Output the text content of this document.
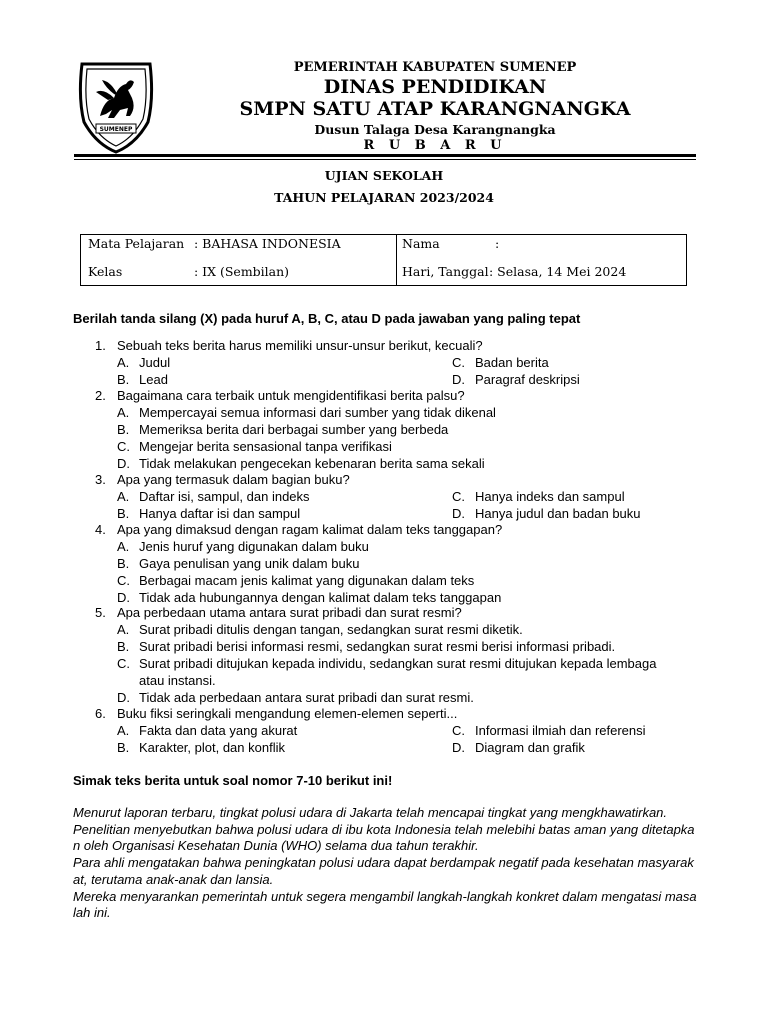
SUMENEP
PEMERINTAH KABUPATEN SUMENEP
DINAS PENDIDIKAN
SMPN SATU ATAP KARANGNANGKA
Dusun Talaga Desa Karangnangka
R U B A R U
UJIAN SEKOLAH
TAHUN PELAJARAN 2023/2024
Mata Pelajaran : BAHASA INDONESIA
Kelas	: IX (Sembilan)
Nama	:
Hari, Tanggal : Selasa, 14 Mei 2024
Berilah tanda silang (X) pada huruf A, B, C, atau D pada jawaban yang paling tepat
1. Sebuah teks berita harus memiliki unsur-unsur berikut, kecuali?
A. Judul
B. Lead
C. Badan berita
D. Paragraf deskripsi
2. Bagaimana cara terbaik untuk mengidentifikasi berita palsu?
A. Mempercayai semua informasi dari sumber yang tidak dikenal
B. Memeriksa berita dari berbagai sumber yang berbeda
C. Mengejar berita sensasional tanpa verifikasi
D. Tidak melakukan pengecekan kebenaran berita sama sekali
3. Apa yang termasuk dalam bagian buku?
A. Daftar isi, sampul, dan indeks
B. Hanya daftar isi dan sampul
C. Hanya indeks dan sampul
D. Hanya judul dan badan buku
4. Apa yang dimaksud dengan ragam kalimat dalam teks tanggapan?
A. Jenis huruf yang digunakan dalam buku
B. Gaya penulisan yang unik dalam buku
C. Berbagai macam jenis kalimat yang digunakan dalam teks
D. Tidak ada hubungannya dengan kalimat dalam teks tanggapan
5. Apa perbedaan utama antara surat pribadi dan surat resmi?
A. Surat pribadi ditulis dengan tangan, sedangkan surat resmi diketik.
B. Surat pribadi berisi informasi resmi, sedangkan surat resmi berisi informasi pribadi.
C. Surat pribadi ditujukan kepada individu, sedangkan surat resmi ditujukan kepada lembaga
atau instansi.
D. Tidak ada perbedaan antara surat pribadi dan surat resmi.
6. Buku fiksi seringkali mengandung elemen-elemen seperti...
A. Fakta dan data yang akurat
B. Karakter, plot, dan konflik
C. Informasi ilmiah dan referensi
D. Diagram dan grafik
Simak teks berita untuk soal nomor 7-10 berikut ini!

Menurut laporan terbaru, tingkat polusi udara di Jakarta telah mencapai tingkat yang mengkhawatirkan.

Penelitian menyebutkan bahwa polusi udara di ibu kota Indonesia telah melebihi batas aman yang ditetapkan oleh Organisasi Kesehatan Dunia (WHO) selama dua tahun terakhir.

Para ahli mengatakan bahwa peningkatan polusi udara dapat berdampak negatif pada kesehatan masyarakat, terutama anak-anak dan lansia.

Mereka menyarankan pemerintah untuk segera mengambil langkah-langkah konkret dalam mengatasi masalah ini.
